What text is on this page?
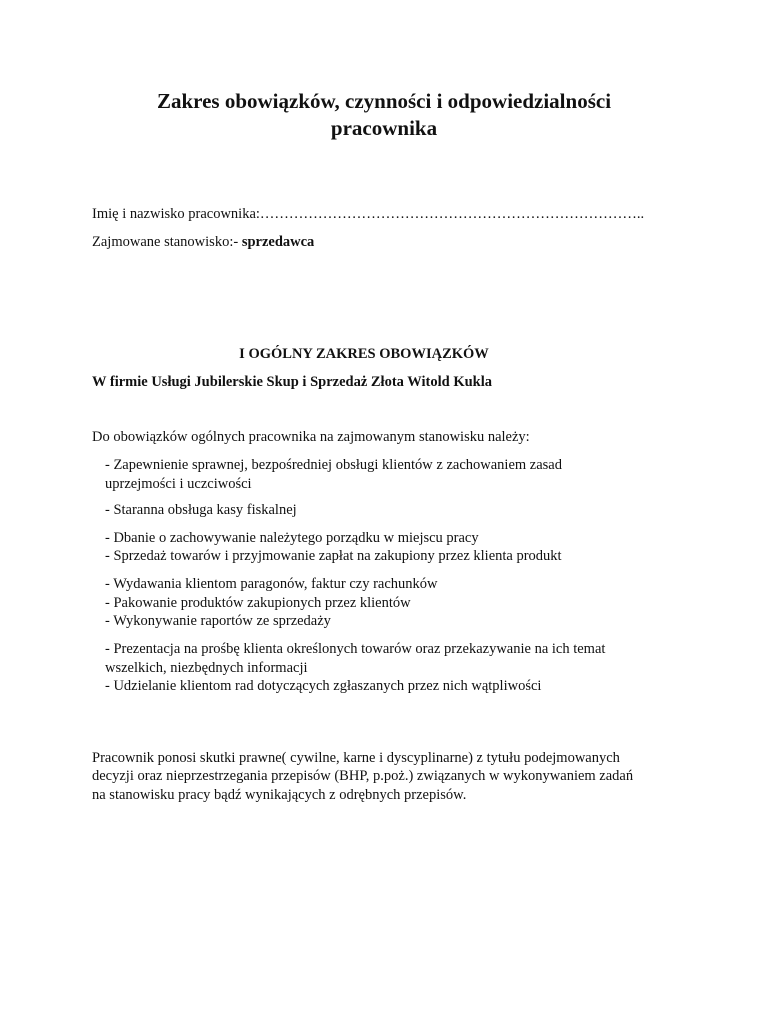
Zakres obowiązków, czynności i odpowiedzialności
pracownika
Imię i nazwisko pracownika:……………………………………………………………………..
Zajmowane stanowisko:- sprzedawca
I OGÓLNY ZAKRES OBOWIĄZKÓW
W firmie Usługi Jubilerskie Skup i Sprzedaż Złota Witold Kukla
Do obowiązków ogólnych pracownika na zajmowanym stanowisku należy:
- Zapewnienie sprawnej, bezpośredniej obsługi klientów z zachowaniem zasad
uprzejmości i uczciwości
- Staranna obsługa kasy fiskalnej
- Dbanie o zachowywanie należytego porządku w miejscu pracy
- Sprzedaż towarów i przyjmowanie zapłat na zakupiony przez klienta produkt
- Wydawania klientom paragonów, faktur czy rachunków
- Pakowanie produktów zakupionych przez klientów
- Wykonywanie raportów ze sprzedaży
- Prezentacja na prośbę klienta określonych towarów oraz przekazywanie na ich temat
wszelkich, niezbędnych informacji
- Udzielanie klientom rad dotyczących zgłaszanych przez nich wątpliwości
Pracownik ponosi skutki prawne( cywilne, karne i dyscyplinarne) z tytułu podejmowanych
decyzji oraz nieprzestrzegania przepisów (BHP, p.poż.) związanych w wykonywaniem zadań
na stanowisku pracy bądź wynikających z odrębnych przepisów.
